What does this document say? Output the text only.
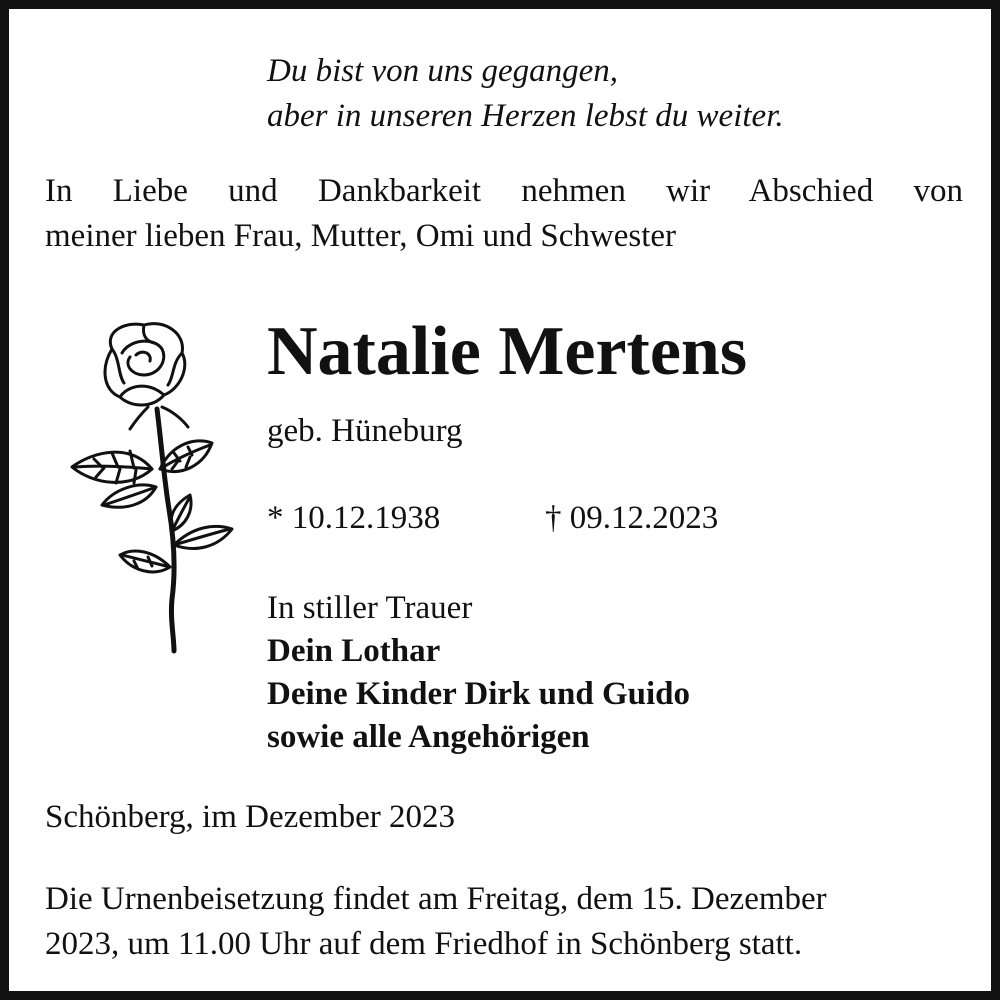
Du bist von uns gegangen,
aber in unseren Herzen lebst du weiter.
In Liebe und Dankbarkeit nehmen wir Abschied von
meiner lieben Frau, Mutter, Omi und Schwester
Natalie Mertens
geb. Hüneburg
* 10.12.1938	† 09.12.2023
In stiller Trauer
Dein Lothar
Deine Kinder Dirk und Guido
sowie alle Angehörigen
Schönberg, im Dezember 2023
Die Urnenbeisetzung findet am Freitag, dem 15. Dezember
2023, um 11.00 Uhr auf dem Friedhof in Schönberg statt.
